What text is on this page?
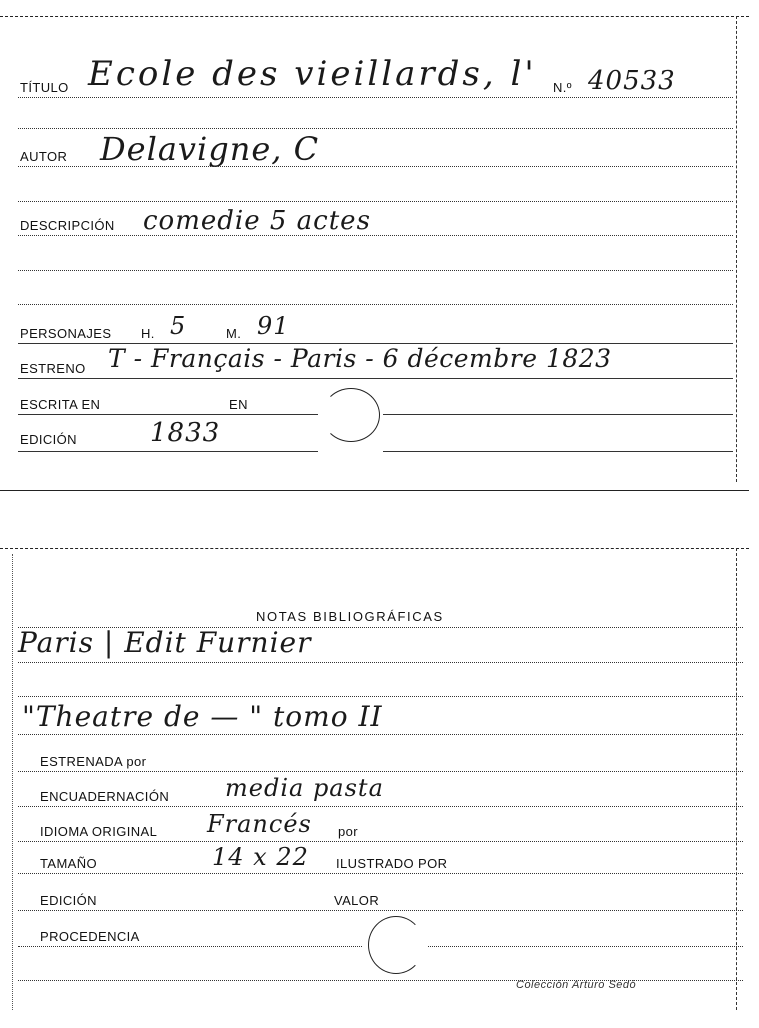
TÍTULO Ecole des vieillards, l' N.º 40533
AUTOR Delavigne, C
DESCRIPCIÓN comedie 5 actes
PERSONAJES H. 5	M. 91
ESTRENO T - Français - Paris - 6 décembre 1823
ESCRITA EN	EN
EDICIÓN	1833
NOTAS BIBLIOGRÁFICAS
Paris | Edit Furnier
"Theatre de — " tomo II
ESTRENADA por
ENCUADERNACIÓN media pasta
IDIOMA ORIGINAL Francés por
TAMAÑO	14 x 22 ILUSTRADO POR
EDICIÓN	VALOR
PROCEDENCIA
Colección Arturo Sedó
